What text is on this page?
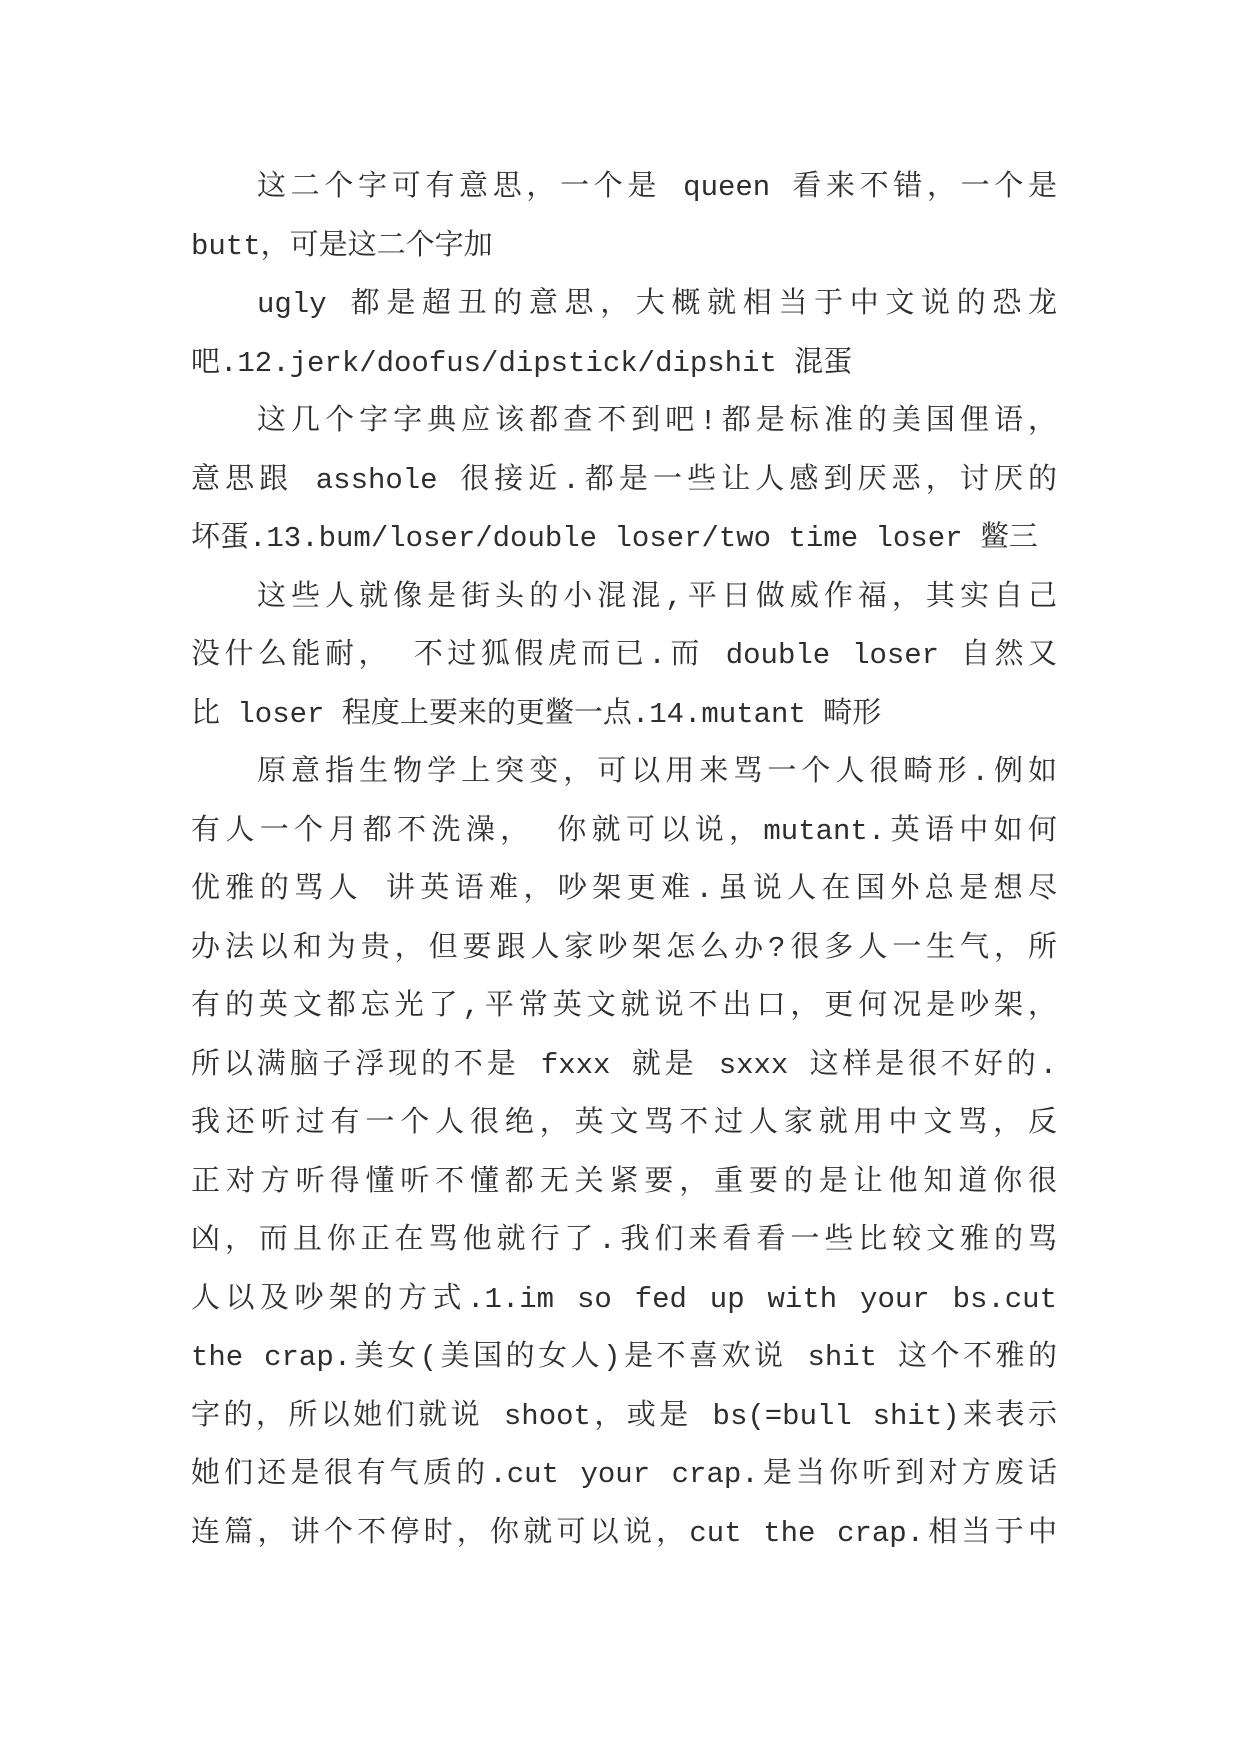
这二个字可有意思，一个是 queen 看来不错，一个是
butt，可是这二个字加
ugly 都是超丑的意思，大概就相当于中文说的恐龙
吧.12.jerk/doofus/dipstick/dipshit 混蛋
这几个字字典应该都查不到吧!都是标准的美国俚语，
意思跟 asshole 很接近.都是一些让人感到厌恶，讨厌的
坏蛋.13.bum/loser/double loser/two time loser 鳖三
这些人就像是街头的小混混,平日做威作福，其实自己
没什么能耐， 不过狐假虎而已.而 double loser 自然又
比 loser 程度上要来的更鳖一点.14.mutant 畸形
原意指生物学上突变，可以用来骂一个人很畸形.例如
有人一个月都不洗澡， 你就可以说，mutant.英语中如何
优雅的骂人 讲英语难，吵架更难.虽说人在国外总是想尽
办法以和为贵，但要跟人家吵架怎么办?很多人一生气，所
有的英文都忘光了,平常英文就说不出口，更何况是吵架，
所以满脑子浮现的不是 fxxx 就是 sxxx 这样是很不好的.
我还听过有一个人很绝，英文骂不过人家就用中文骂，反
正对方听得懂听不懂都无关紧要，重要的是让他知道你很
凶，而且你正在骂他就行了.我们来看看一些比较文雅的骂
人以及吵架的方式.1.im so fed up with your bs.cut
the crap.美女(美国的女人)是不喜欢说 shit 这个不雅的
字的，所以她们就说 shoot，或是 bs(=bull shit)来表示
她们还是很有气质的.cut your crap.是当你听到对方废话
连篇，讲个不停时，你就可以说，cut the crap.相当于中
